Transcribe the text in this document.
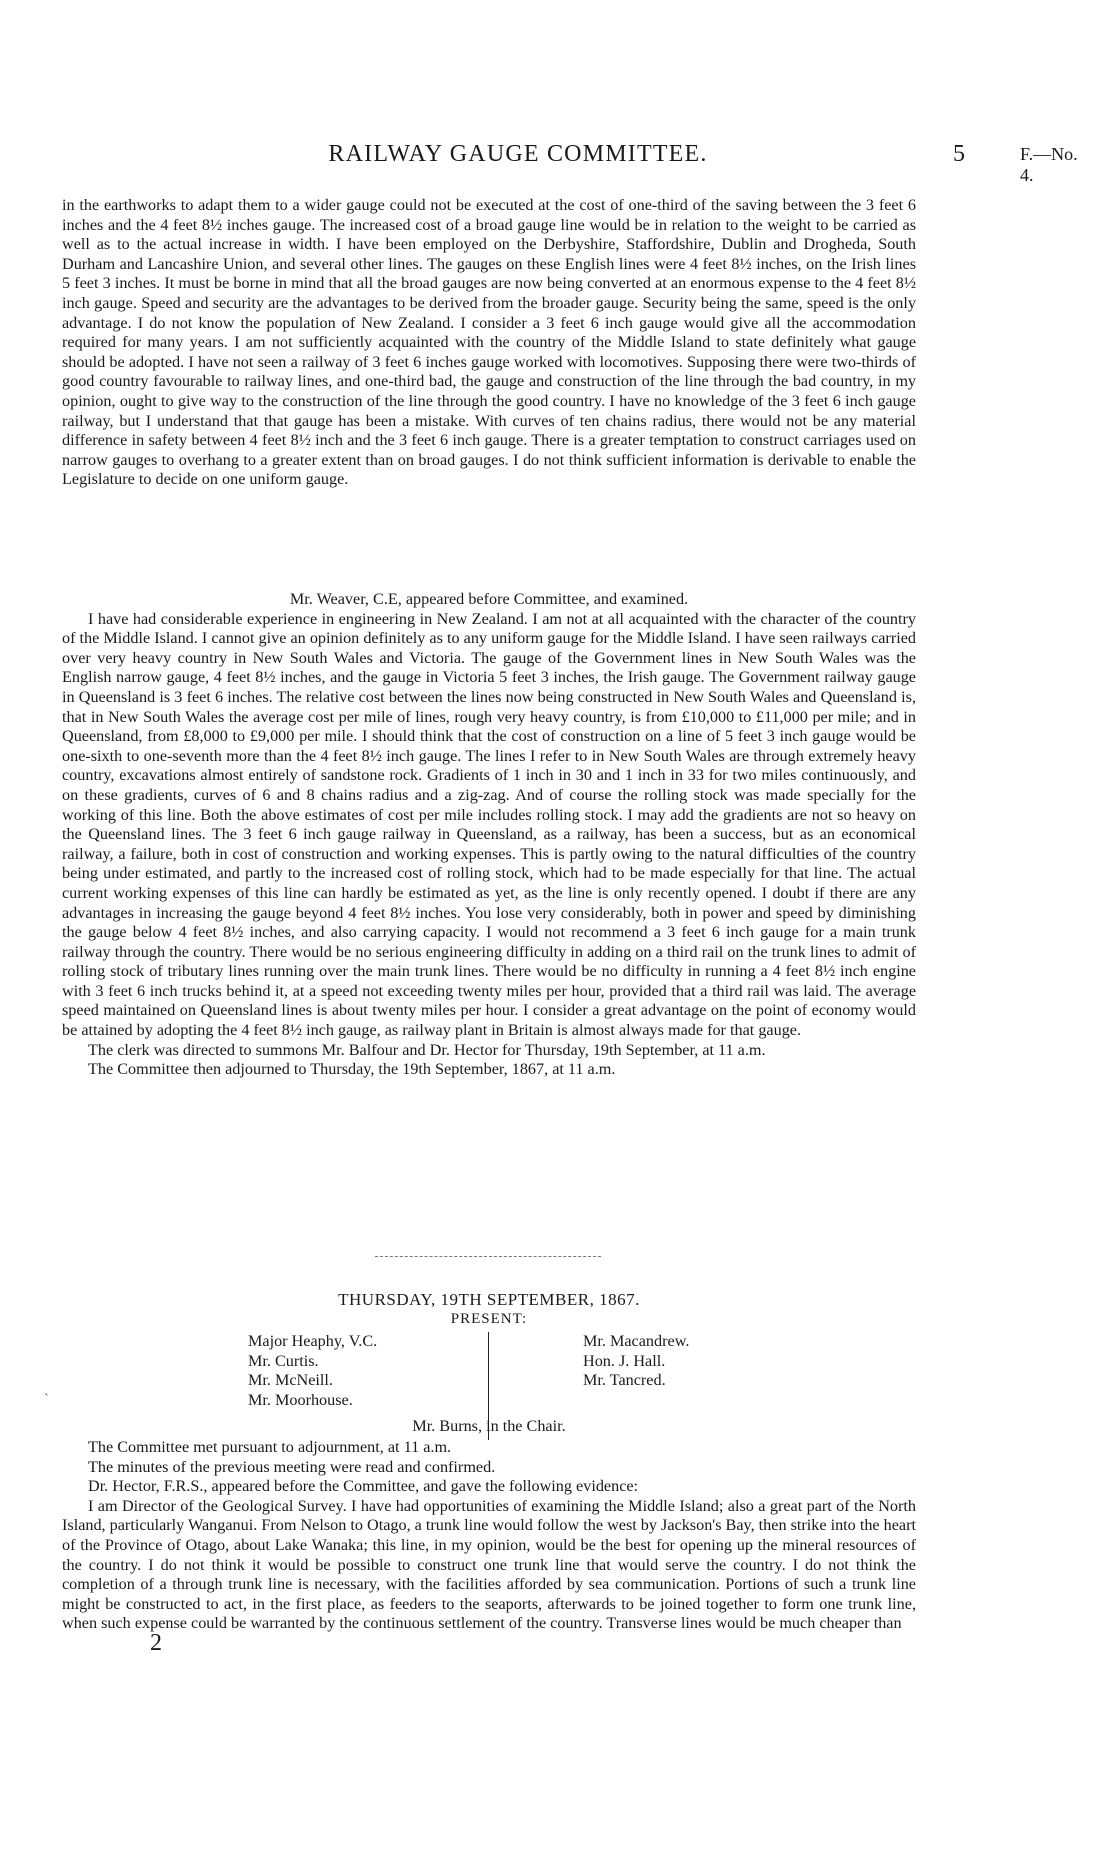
RAILWAY GAUGE COMMITTEE.	5	F.—No. 4.

in the earthworks to adapt them to a wider gauge could not be executed at the cost of one-third of the saving between the 3 feet 6 inches and the 4 feet 8½ inches gauge. The increased cost of a broad gauge line would be in relation to the weight to be carried as well as to the actual increase in width. I have been employed on the Derbyshire, Staffordshire, Dublin and Drogheda, South Durham and Lancashire Union, and several other lines. The gauges on these English lines were 4 feet 8½ inches, on the Irish lines 5 feet 3 inches. It must be borne in mind that all the broad gauges are now being converted at an enormous expense to the 4 feet 8½ inch gauge. Speed and security are the advantages to be derived from the broader gauge. Security being the same, speed is the only advantage. I do not know the population of New Zealand. I consider a 3 feet 6 inch gauge would give all the accommodation required for many years. I am not sufficiently acquainted with the country of the Middle Island to state definitely what gauge should be adopted. I have not seen a railway of 3 feet 6 inches gauge worked with locomotives. Supposing there were two-thirds of good country favourable to railway lines, and one-third bad, the gauge and construction of the line through the bad country, in my opinion, ought to give way to the construction of the line through the good country. I have no knowledge of the 3 feet 6 inch gauge railway, but I understand that that gauge has been a mistake. With curves of ten chains radius, there would not be any material difference in safety between 4 feet 8½ inch and the 3 feet 6 inch gauge. There is a greater temptation to construct carriages used on narrow gauges to overhang to a greater extent than on broad gauges. I do not think sufficient information is derivable to enable the Legislature to decide on one uniform gauge.

Mr. Weaver, C.E, appeared before Committee, and examined.

I have had considerable experience in engineering in New Zealand. I am not at all acquainted with the character of the country of the Middle Island. I cannot give an opinion definitely as to any uniform gauge for the Middle Island. I have seen railways carried over very heavy country in New South Wales and Victoria. The gauge of the Government lines in New South Wales was the English narrow gauge, 4 feet 8½ inches, and the gauge in Victoria 5 feet 3 inches, the Irish gauge. The Government railway gauge in Queensland is 3 feet 6 inches. The relative cost between the lines now being constructed in New South Wales and Queensland is, that in New South Wales the average cost per mile of lines, rough very heavy country, is from £10,000 to £11,000 per mile; and in Queensland, from £8,000 to £9,000 per mile. I should think that the cost of construction on a line of 5 feet 3 inch gauge would be one-sixth to one-seventh more than the 4 feet 8½ inch gauge. The lines I refer to in New South Wales are through extremely heavy country, excavations almost entirely of sandstone rock. Gradients of 1 inch in 30 and 1 inch in 33 for two miles continuously, and on these gradients, curves of 6 and 8 chains radius and a zig-zag. And of course the rolling stock was made specially for the working of this line. Both the above estimates of cost per mile includes rolling stock. I may add the gradients are not so heavy on the Queensland lines. The 3 feet 6 inch gauge railway in Queensland, as a railway, has been a success, but as an economical railway, a failure, both in cost of construction and working expenses. This is partly owing to the natural difficulties of the country being under estimated, and partly to the increased cost of rolling stock, which had to be made especially for that line. The actual current working expenses of this line can hardly be estimated as yet, as the line is only recently opened. I doubt if there are any advantages in increasing the gauge beyond 4 feet 8½ inches. You lose very considerably, both in power and speed by diminishing the gauge below 4 feet 8½ inches, and also carrying capacity. I would not recommend a 3 feet 6 inch gauge for a main trunk railway through the country. There would be no serious engineering difficulty in adding on a third rail on the trunk lines to admit of rolling stock of tributary lines running over the main trunk lines. There would be no difficulty in running a 4 feet 8½ inch engine with 3 feet 6 inch trucks behind it, at a speed not exceeding twenty miles per hour, provided that a third rail was laid. The average speed maintained on Queensland lines is about twenty miles per hour. I consider a great advantage on the point of economy would be attained by adopting the 4 feet 8½ inch gauge, as railway plant in Britain is almost always made for that gauge.

The clerk was directed to summons Mr. Balfour and Dr. Hector for Thursday, 19th September, at 11 a.m.

The Committee then adjourned to Thursday, the 19th September, 1867, at 11 a.m.

THURSDAY, 19TH SEPTEMBER, 1867.
PRESENT:
Major Heaphy, V.C.
Mr. Curtis.
Mr. McNeill.
Mr. Moorhouse.
Mr. Macandrew.
Hon. J. Hall.
Mr. Tancred.
Mr. Burns, in the Chair.

The Committee met pursuant to adjournment, at 11 a.m.

The minutes of the previous meeting were read and confirmed.

Dr. Hector, F.R.S., appeared before the Committee, and gave the following evidence:

I am Director of the Geological Survey. I have had opportunities of examining the Middle Island; also a great part of the North Island, particularly Wanganui. From Nelson to Otago, a trunk line would follow the west by Jackson's Bay, then strike into the heart of the Province of Otago, about Lake Wanaka; this line, in my opinion, would be the best for opening up the mineral resources of the country. I do not think it would be possible to construct one trunk line that would serve the country. I do not think the completion of a through trunk line is necessary, with the facilities afforded by sea communication. Portions of such a trunk line might be constructed to act, in the first place, as feeders to the seaports, afterwards to be joined together to form one trunk line, when such expense could be warranted by the continuous settlement of the country. Transverse lines would be much cheaper than

`
2
